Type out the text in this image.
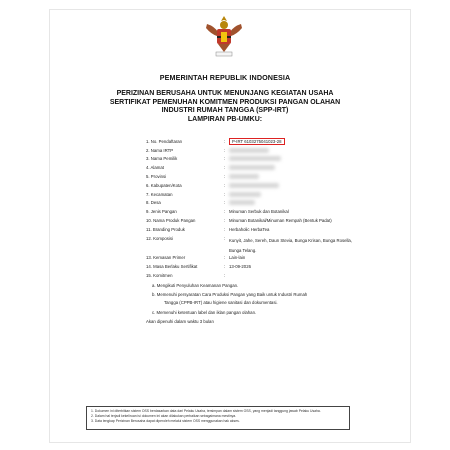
PEMERINTAH REPUBLIK INDONESIA
PERIZINAN BERUSAHA UNTUK MENUNJANG KEGIATAN USAHA
SERTIFIKAT PEMENUHAN KOMITMEN PRODUKSI PANGAN OLAHAN
INDUSTRI RUMAH TANGGA (SPP-IRT)
LAMPIRAN PB-UMKU:
1. No. Pendaftaran	:	P-IRT 6103275041023-28
2. Nama IRTP	:
3. Nama Pemilik	:
4. Alamat	:
5. Provinsi	:
6. Kabupaten/Kota	:
7. Kecamatan	:
8. Desa	:
9. Jenis Pangan	: Minuman Serbuk dan Botanikal
10. Nama Produk Pangan	: Minuman Botanikal/Minuman Rempah (Bentuk Padat)
11. Branding Produk	: Herbaholic HerbaTea
12. Komposisi	: Kunyit, Jahe, Sereh, Daun Stevia, Bunga Krisan, Bunga Rosella, Bunga Telang.
13. Kemasan Primer	: Lain-lain
14. Masa Berlaku Sertifikat	: 13-09-2026
15. Komitmen	:
a. Mengikuti Penyuluhan Keamanan Pangan.
b. Memenuhi persyaratan Cara Produksi Pangan yang Baik untuk Industri Rumah
Tangga (CPPB-IRT) atau higiene sanitasi dan dokumentasi.
c. Memenuhi ketentuan label dan iklan pangan olahan.
Akan dipenuhi dalam waktu 3 bulan
1. Dokumen ini diterbitkan sistem OSS berdasarkan data dari Pelaku Usaha, tersimpan dalam sistem OSS, yang menjadi tanggung jawab Pelaku Usaha.
2. Dalam hal terjadi kekeliruan isi dokumen ini akan dilakukan perbaikan sebagaimana mestinya.
3. Data lengkap Perizinan Berusaha dapat diperoleh melalui sistem OSS menggunakan hak akses.
